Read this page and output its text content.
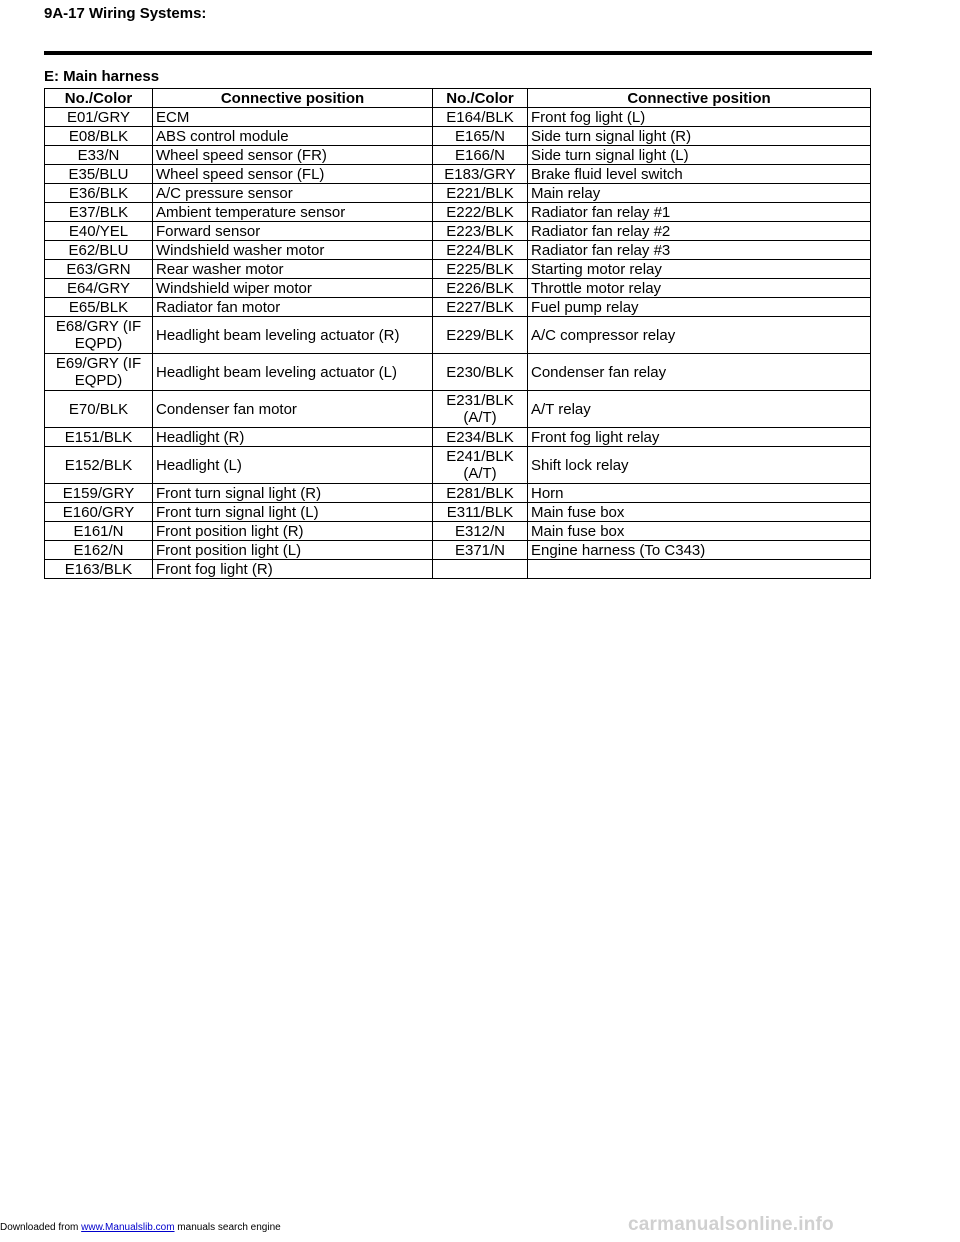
9A-17 Wiring Systems:
E: Main harness
No./Color	Connective position	No./Color	Connective position
E01/GRY	ECM	E164/BLK	Front fog light (L)
E08/BLK	ABS control module	E165/N	Side turn signal light (R)
E33/N	Wheel speed sensor (FR)	E166/N	Side turn signal light (L)
E35/BLU	Wheel speed sensor (FL)	E183/GRY	Brake fluid level switch
E36/BLK	A/C pressure sensor	E221/BLK	Main relay
E37/BLK	Ambient temperature sensor	E222/BLK	Radiator fan relay #1
E40/YEL	Forward sensor	E223/BLK	Radiator fan relay #2
E62/BLU	Windshield washer motor	E224/BLK	Radiator fan relay #3
E63/GRN	Rear washer motor	E225/BLK	Starting motor relay
E64/GRY	Windshield wiper motor	E226/BLK	Throttle motor relay
E65/BLK	Radiator fan motor	E227/BLK	Fuel pump relay
E68/GRY (IF EQPD)	Headlight beam leveling actuator (R)	E229/BLK	A/C compressor relay
E69/GRY (IF EQPD)	Headlight beam leveling actuator (L)	E230/BLK	Condenser fan relay
E70/BLK	Condenser fan motor	E231/BLK (A/T)	A/T relay
E151/BLK	Headlight (R)	E234/BLK	Front fog light relay
E152/BLK	Headlight (L)	E241/BLK (A/T)	Shift lock relay
E159/GRY	Front turn signal light (R)	E281/BLK	Horn
E160/GRY	Front turn signal light (L)	E311/BLK	Main fuse box
E161/N	Front position light (R)	E312/N	Main fuse box
E162/N	Front position light (L)	E371/N	Engine harness (To C343)
E163/BLK	Front fog light (R)		
Downloaded from www.Manualslib.com manuals search engine	carmanualsonline.info
